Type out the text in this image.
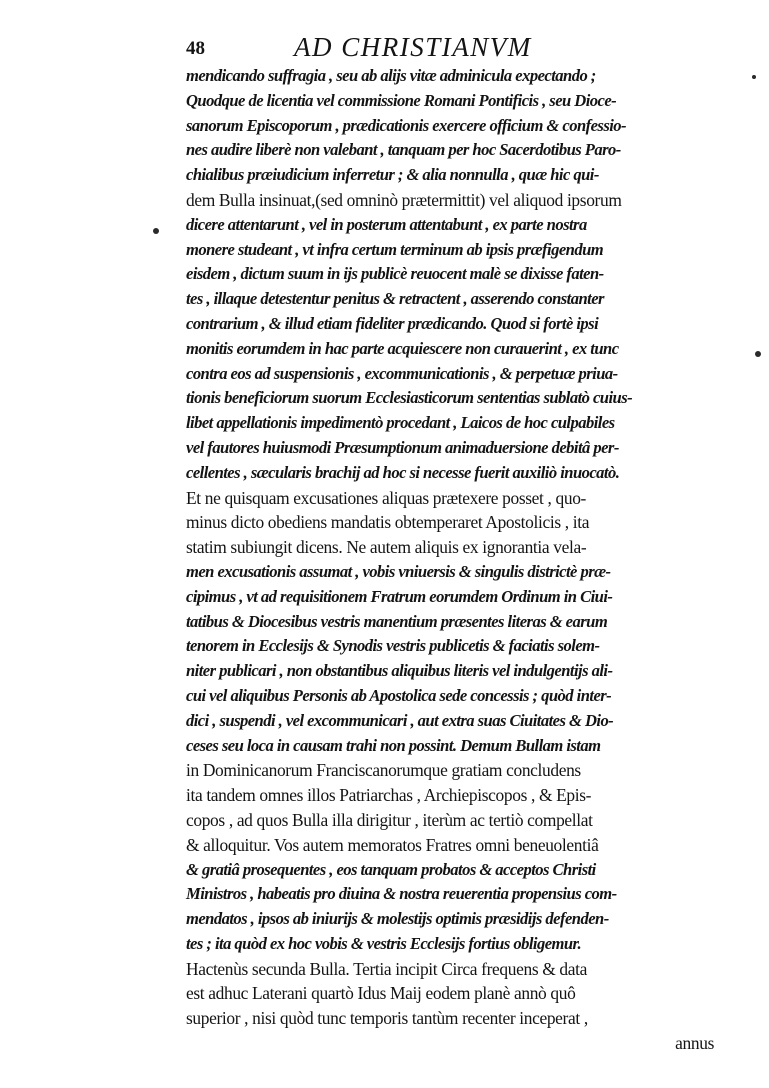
48	AD CHRISTIANVM
mendicando suffragia , seu ab alijs vitæ adminicula expectando ;
Quodque de licentia vel commissione Romani Pontificis , seu Dioce-
sanorum Episcoporum , prædicationis exercere officium & confessio-
nes audire liberè non valebant , tanquam per hoc Sacerdotibus Paro-
chialibus præiudicium inferretur ; & alia nonnulla , quæ hic qui-
dem Bulla insinuat,(sed omninò prætermittit) vel aliquod ipsorum
dicere attentarunt , vel in posterum attentabunt , ex parte nostra
monere studeant , vt infra certum terminum ab ipsis præfigendum
eisdem , dictum suum in ijs publicè reuocent malè se dixisse faten-
tes , illaque detestentur penitus & retractent , asserendo constanter
contrarium , & illud etiam fideliter prædicando. Quod si fortè ipsi
monitis eorumdem in hac parte acquiescere non curauerint , ex tunc
contra eos ad suspensionis , excommunicationis , & perpetuæ priua-
tionis beneficiorum suorum Ecclesiasticorum sententias sublatò cuius-
libet appellationis impedimentò procedant , Laicos de hoc culpabiles
vel fautores huiusmodi Præsumptionum animaduersione debitâ per-
cellentes , sæcularis brachij ad hoc si necesse fuerit auxiliò inuocatò.
Et ne quisquam excusationes aliquas prætexere posset , quo-
minus dicto obediens mandatis obtemperaret Apostolicis , ita
statim subiungit dicens. Ne autem aliquis ex ignorantia vela-
men excusationis assumat , vobis vniuersis & singulis districtè præ-
cipimus , vt ad requisitionem Fratrum eorumdem Ordinum in Ciui-
tatibus & Diocesibus vestris manentium præsentes literas & earum
tenorem in Ecclesijs & Synodis vestris publicetis & faciatis solem-
niter publicari , non obstantibus aliquibus literis vel indulgentijs ali-
cui vel aliquibus Personis ab Apostolica sede concessis ; quòd inter-
dici , suspendi , vel excommunicari , aut extra suas Ciuitates & Dio-
ceses seu loca in causam trahi non possint. Demum Bullam istam
in Dominicanorum Franciscanorumque gratiam concludens
ita tandem omnes illos Patriarchas , Archiepiscopos , & Epis-
copos , ad quos Bulla illa dirigitur , iterùm ac tertiò compellat
& alloquitur. Vos autem memoratos Fratres omni beneuolentiâ
& gratiâ prosequentes , eos tanquam probatos & acceptos Christi
Ministros , habeatis pro diuina & nostra reuerentia propensius com-
mendatos , ipsos ab iniurijs & molestijs optimis præsidijs defenden-
tes ; ita quòd ex hoc vobis & vestris Ecclesijs fortius obligemur.
Hactenùs secunda Bulla. Tertia incipit Circa frequens & data
est adhuc Laterani quartò Idus Maij eodem planè annò quô
superior , nisi quòd tunc temporis tantùm recenter inceperat ,
annus
